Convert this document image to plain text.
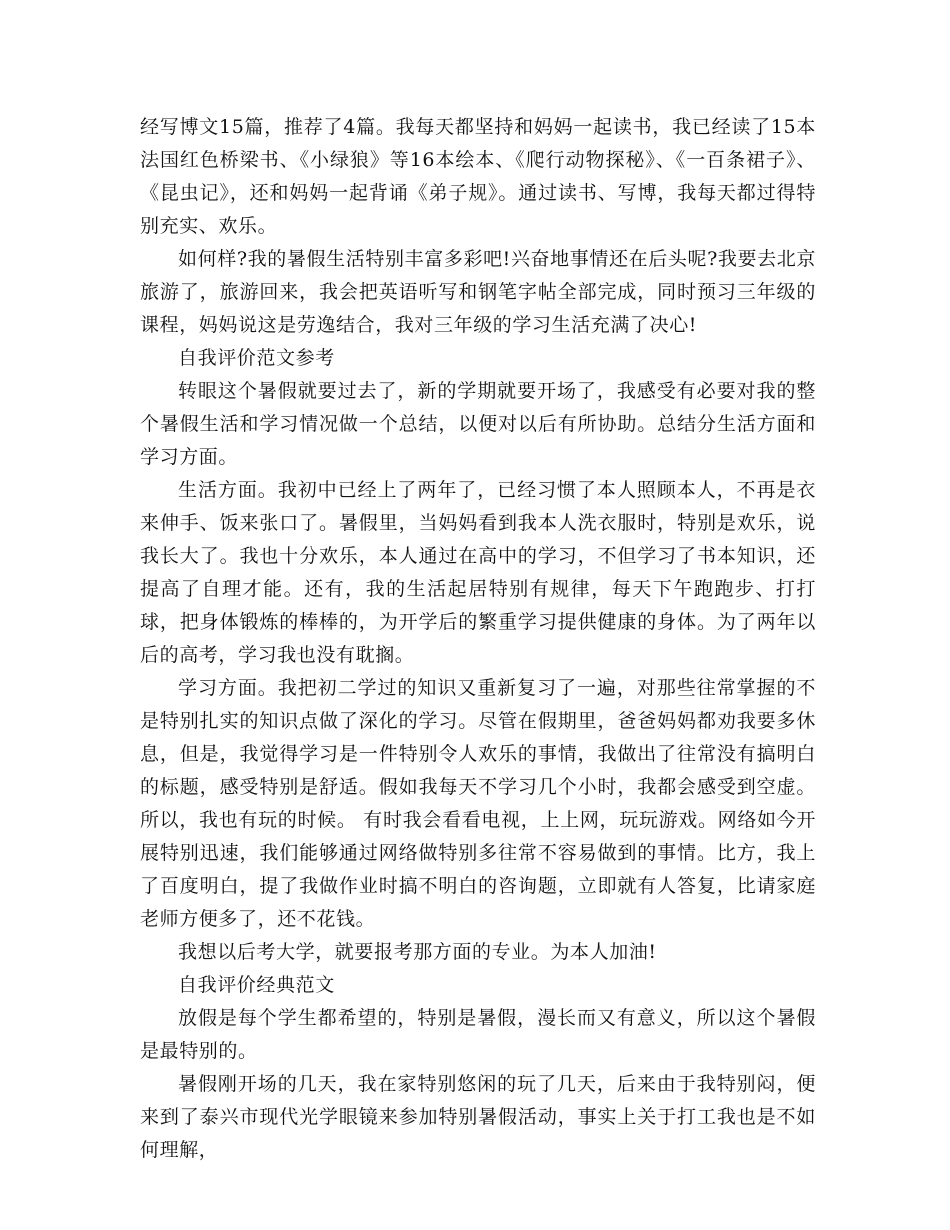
经写博文15篇，推荐了4篇。我每天都坚持和妈妈一起读书，我已经读了15本法国红色桥梁书、《小绿狼》等16本绘本、《爬行动物探秘》、《一百条裙子》、《昆虫记》，还和妈妈一起背诵《弟子规》。通过读书、写博，我每天都过得特别充实、欢乐。

如何样?我的暑假生活特别丰富多彩吧!兴奋地事情还在后头呢?我要去北京旅游了，旅游回来，我会把英语听写和钢笔字帖全部完成，同时预习三年级的课程，妈妈说这是劳逸结合，我对三年级的学习生活充满了决心!

自我评价范文参考

转眼这个暑假就要过去了，新的学期就要开场了，我感受有必要对我的整个暑假生活和学习情况做一个总结，以便对以后有所协助。总结分生活方面和学习方面。

生活方面。我初中已经上了两年了，已经习惯了本人照顾本人，不再是衣来伸手、饭来张口了。暑假里，当妈妈看到我本人洗衣服时，特别是欢乐，说我长大了。我也十分欢乐，本人通过在高中的学习，不但学习了书本知识，还提高了自理才能。还有，我的生活起居特别有规律，每天下午跑跑步、打打球，把身体锻炼的棒棒的，为开学后的繁重学习提供健康的身体。为了两年以后的高考，学习我也没有耽搁。

学习方面。我把初二学过的知识又重新复习了一遍，对那些往常掌握的不是特别扎实的知识点做了深化的学习。尽管在假期里，爸爸妈妈都劝我要多休息，但是，我觉得学习是一件特别令人欢乐的事情，我做出了往常没有搞明白的标题，感受特别是舒适。假如我每天不学习几个小时，我都会感受到空虚。所以，我也有玩的时候。 有时我会看看电视，上上网，玩玩游戏。网络如今开展特别迅速，我们能够通过网络做特别多往常不容易做到的事情。比方，我上了百度明白，提了我做作业时搞不明白的咨询题，立即就有人答复，比请家庭老师方便多了，还不花钱。

我想以后考大学，就要报考那方面的专业。为本人加油!

自我评价经典范文

放假是每个学生都希望的，特别是暑假，漫长而又有意义，所以这个暑假是最特别的。

暑假刚开场的几天，我在家特别悠闲的玩了几天，后来由于我特别闷，便来到了泰兴市现代光学眼镜来参加特别暑假活动，事实上关于打工我也是不如何理解，
